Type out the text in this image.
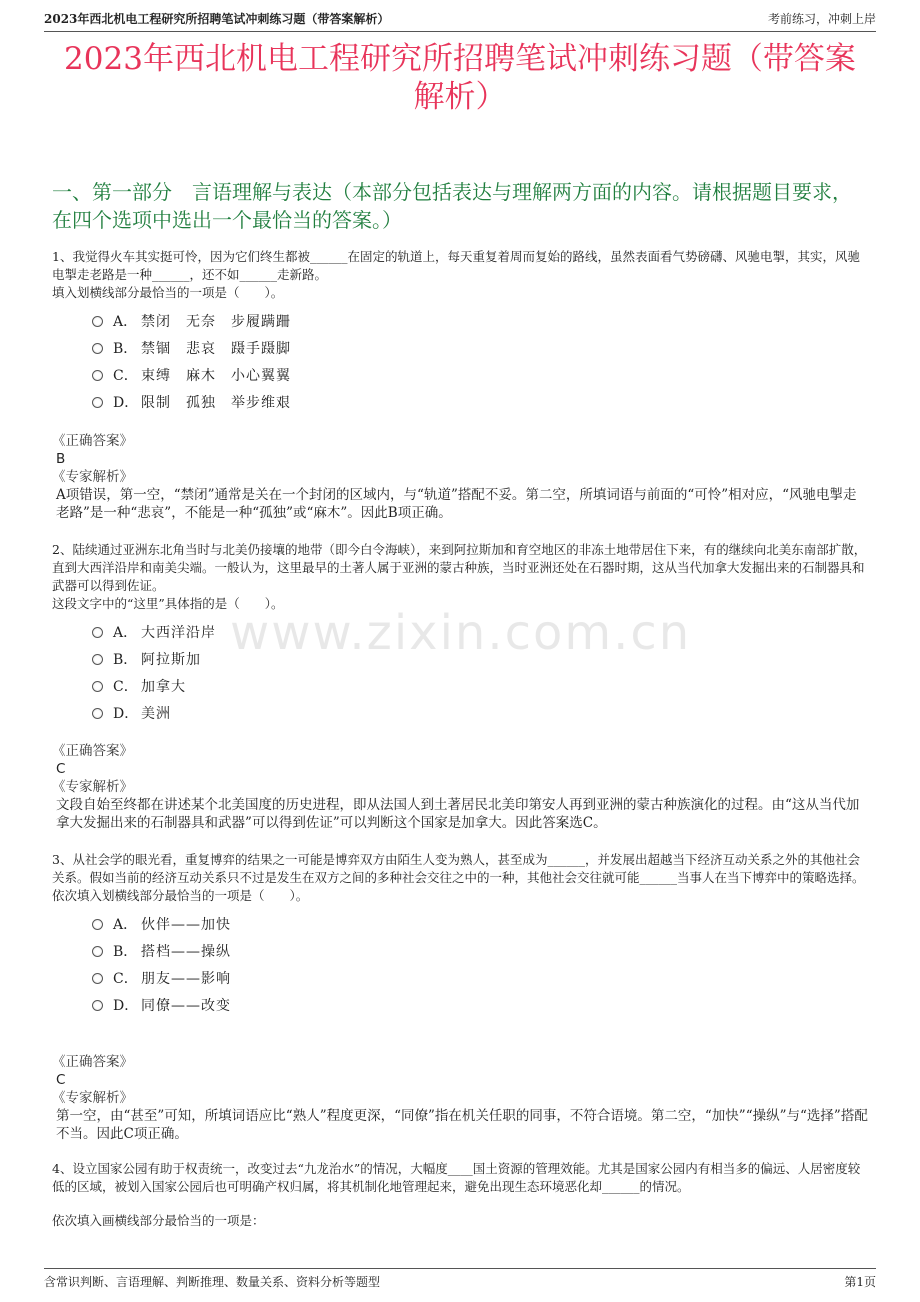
2023年西北机电工程研究所招聘笔试冲刺练习题（带答案解析）	考前练习，冲刺上岸
2023年西北机电工程研究所招聘笔试冲刺练习题（带答案解析）
一、第一部分　言语理解与表达（本部分包括表达与理解两方面的内容。请根据题目要求，在四个选项中选出一个最恰当的答案。）
www.zixin.com.cn
1、我觉得火车其实挺可怜，因为它们终生都被______在固定的轨道上，每天重复着周而复始的路线，虽然表面看气势磅礴、风驰电掣，其实，风驰电掣走老路是一种______，还不如______走新路。
填入划横线部分最恰当的一项是（　　）。
A． 禁闭　无奈　步履蹒跚
B． 禁锢　悲哀　蹑手蹑脚
C． 束缚　麻木　小心翼翼
D． 限制　孤独　举步维艰
《正确答案》
B
《专家解析》
A项错误，第一空，“禁闭”通常是关在一个封闭的区域内，与“轨道”搭配不妥。第二空，所填词语与前面的“可怜”相对应，“风驰电掣走老路”是一种“悲哀”，不能是一种“孤独”或“麻木”。因此B项正确。
2、陆续通过亚洲东北角当时与北美仍接壤的地带（即今白令海峡），来到阿拉斯加和育空地区的非冻土地带居住下来，有的继续向北美东南部扩散，直到大西洋沿岸和南美尖端。一般认为，这里最早的土著人属于亚洲的蒙古种族，当时亚洲还处在石器时期，这从当代加拿大发掘出来的石制器具和武器可以得到佐证。
这段文字中的“这里”具体指的是（　　）。
A． 大西洋沿岸
B． 阿拉斯加
C． 加拿大
D． 美洲
《正确答案》
C
《专家解析》
文段自始至终都在讲述某个北美国度的历史进程，即从法国人到土著居民北美印第安人再到亚洲的蒙古种族演化的过程。由“这从当代加拿大发掘出来的石制器具和武器”可以得到佐证”可以判断这个国家是加拿大。因此答案选C。
3、从社会学的眼光看，重复博弈的结果之一可能是博弈双方由陌生人变为熟人，甚至成为______，并发展出超越当下经济互动关系之外的其他社会关系。假如当前的经济互动关系只不过是发生在双方之间的多种社会交往之中的一种，其他社会交往就可能______当事人在当下博弈中的策略选择。
依次填入划横线部分最恰当的一项是（　　）。
A． 伙伴——加快
B． 搭档——操纵
C． 朋友——影响
D． 同僚——改变
《正确答案》
C
《专家解析》
第一空，由“甚至”可知，所填词语应比“熟人”程度更深，“同僚”指在机关任职的同事，不符合语境。第二空，“加快”“操纵”与“选择”搭配不当。因此C项正确。
4、设立国家公园有助于权责统一，改变过去“九龙治水”的情况，大幅度____国土资源的管理效能。尤其是国家公园内有相当多的偏远、人居密度较低的区域，被划入国家公园后也可明确产权归属，将其机制化地管理起来，避免出现生态环境恶化却______的情况。
依次填入画横线部分最恰当的一项是：
含常识判断、言语理解、判断推理、数量关系、资料分析等题型	第1页
